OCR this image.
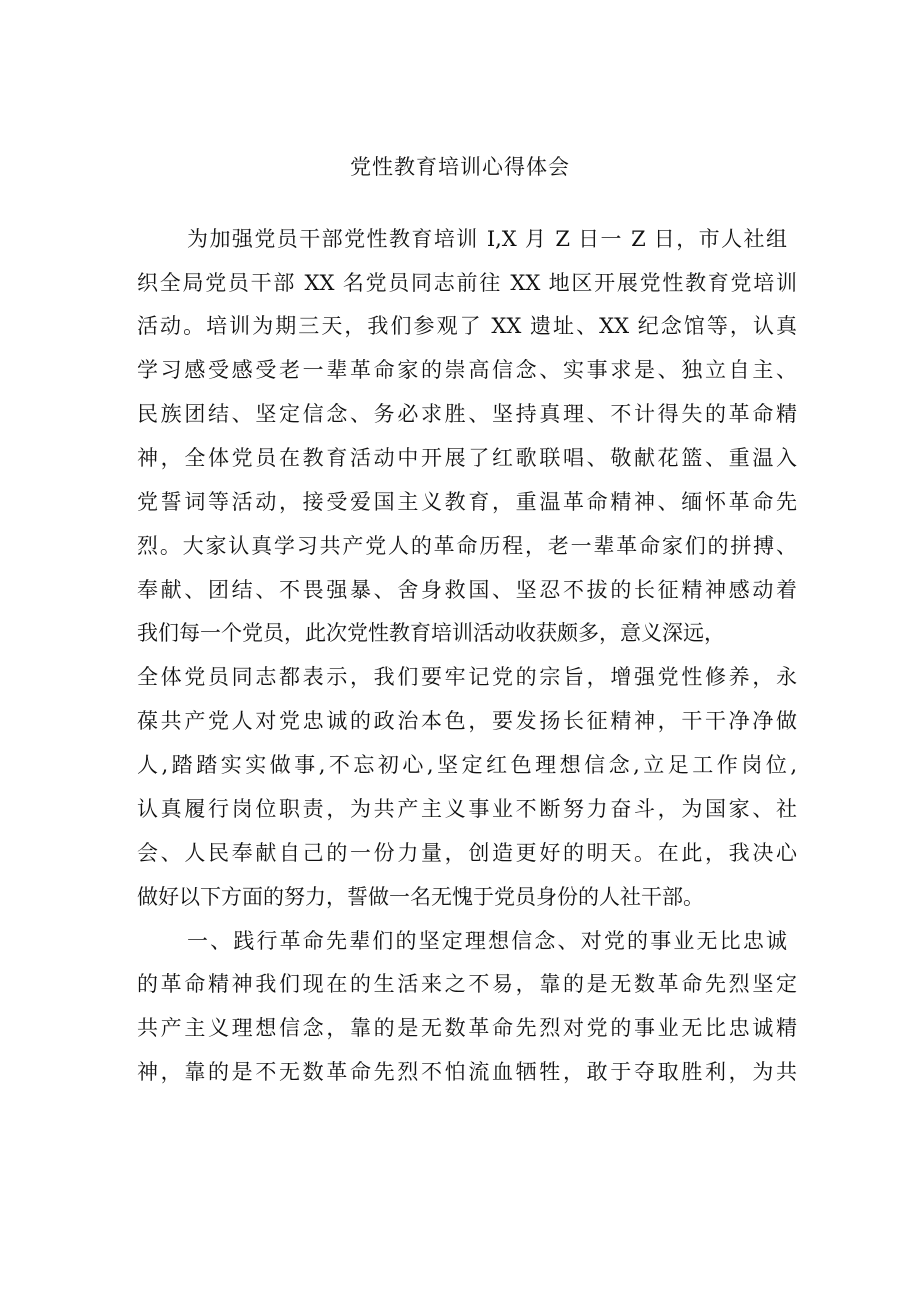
党性教育培训心得体会
为加强党员干部党性教育培训 I,X 月 Z 日一 Z 日，市人社组
织全局党员干部 XX 名党员同志前往 XX 地区开展党性教育党培训
活动。培训为期三天，我们参观了 XX 遗址、XX 纪念馆等，认真
学习感受感受老一辈革命家的崇高信念、实事求是、独立自主、
民族团结、坚定信念、务必求胜、坚持真理、不计得失的革命精
神，全体党员在教育活动中开展了红歌联唱、敬献花篮、重温入
党誓词等活动，接受爱国主义教育，重温革命精神、缅怀革命先
烈。大家认真学习共产党人的革命历程，老一辈革命家们的拼搏、
奉献、团结、不畏强暴、舍身救国、坚忍不拔的长征精神感动着
我们每一个党员，此次党性教育培训活动收获颇多，意义深远，
全体党员同志都表示，我们要牢记党的宗旨，增强党性修养，永
葆共产党人对党忠诚的政治本色，要发扬长征精神，干干净净做
人,踏踏实实做事,不忘初心,坚定红色理想信念,立足工作岗位,
认真履行岗位职责，为共产主义事业不断努力奋斗，为国家、社
会、人民奉献自己的一份力量，创造更好的明天。在此，我决心
做好以下方面的努力，誓做一名无愧于党员身份的人社干部。
一、践行革命先辈们的坚定理想信念、对党的事业无比忠诚
的革命精神我们现在的生活来之不易，靠的是无数革命先烈坚定
共产主义理想信念，靠的是无数革命先烈对党的事业无比忠诚精
神，靠的是不无数革命先烈不怕流血牺牲，敢于夺取胜利，为共
